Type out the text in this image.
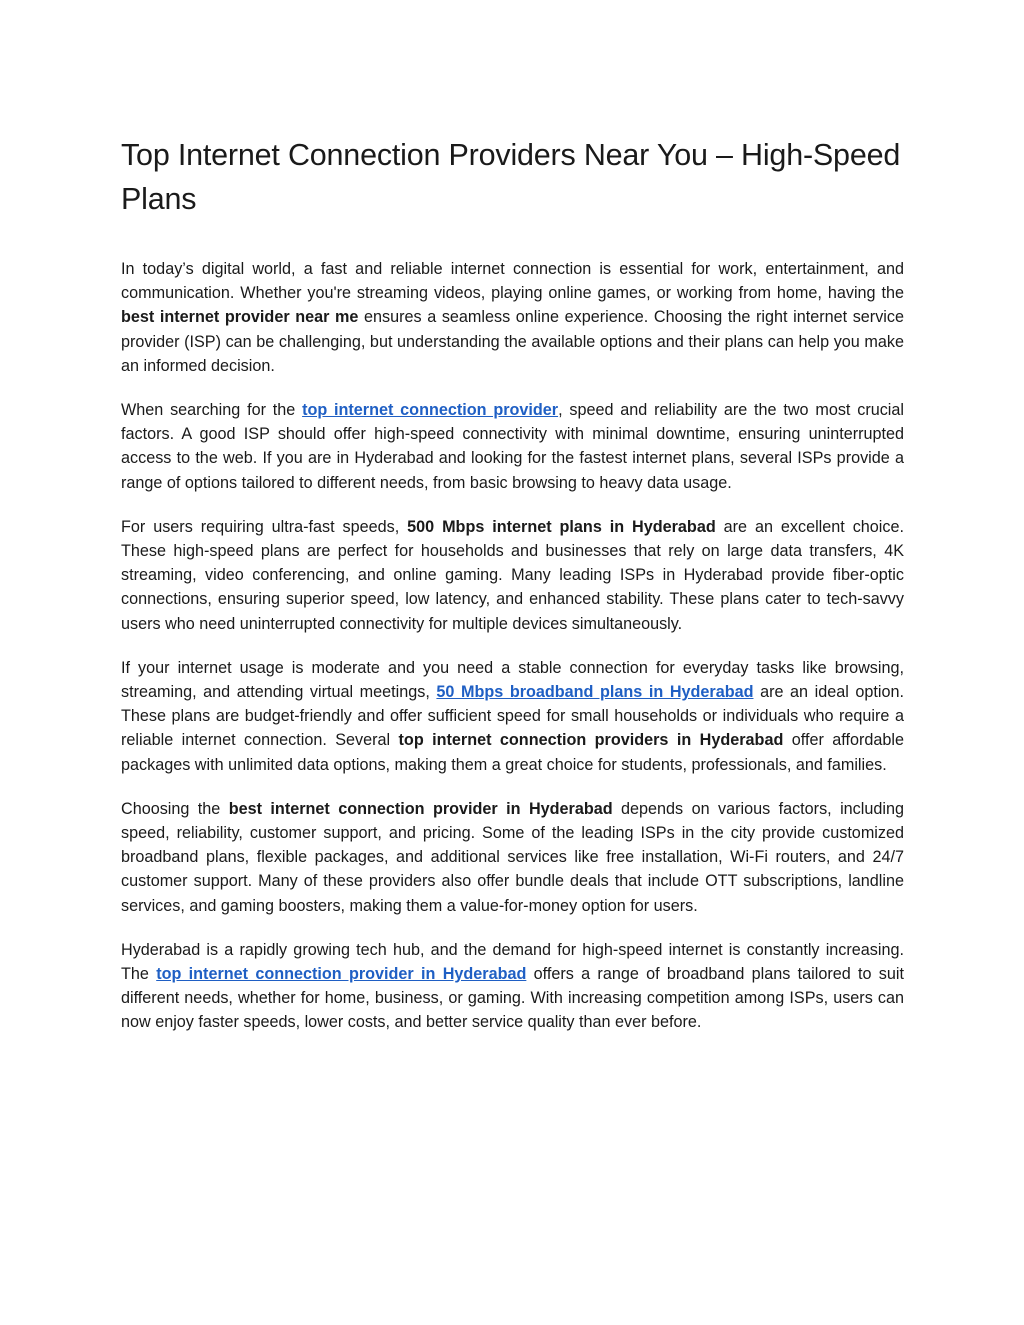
Top Internet Connection Providers Near You – High-Speed Plans

In today’s digital world, a fast and reliable internet connection is essential for work, entertainment, and communication. Whether you're streaming videos, playing online games, or working from home, having the best internet provider near me ensures a seamless online experience. Choosing the right internet service provider (ISP) can be challenging, but understanding the available options and their plans can help you make an informed decision.

When searching for the top internet connection provider, speed and reliability are the two most crucial factors. A good ISP should offer high-speed connectivity with minimal downtime, ensuring uninterrupted access to the web. If you are in Hyderabad and looking for the fastest internet plans, several ISPs provide a range of options tailored to different needs, from basic browsing to heavy data usage.

For users requiring ultra-fast speeds, 500 Mbps internet plans in Hyderabad are an excellent choice. These high-speed plans are perfect for households and businesses that rely on large data transfers, 4K streaming, video conferencing, and online gaming. Many leading ISPs in Hyderabad provide fiber-optic connections, ensuring superior speed, low latency, and enhanced stability. These plans cater to tech-savvy users who need uninterrupted connectivity for multiple devices simultaneously.

If your internet usage is moderate and you need a stable connection for everyday tasks like browsing, streaming, and attending virtual meetings, 50 Mbps broadband plans in Hyderabad are an ideal option. These plans are budget-friendly and offer sufficient speed for small households or individuals who require a reliable internet connection. Several top internet connection providers in Hyderabad offer affordable packages with unlimited data options, making them a great choice for students, professionals, and families.

Choosing the best internet connection provider in Hyderabad depends on various factors, including speed, reliability, customer support, and pricing. Some of the leading ISPs in the city provide customized broadband plans, flexible packages, and additional services like free installation, Wi-Fi routers, and 24/7 customer support. Many of these providers also offer bundle deals that include OTT subscriptions, landline services, and gaming boosters, making them a value-for-money option for users.

Hyderabad is a rapidly growing tech hub, and the demand for high-speed internet is constantly increasing. The top internet connection provider in Hyderabad offers a range of broadband plans tailored to suit different needs, whether for home, business, or gaming. With increasing competition among ISPs, users can now enjoy faster speeds, lower costs, and better service quality than ever before.
